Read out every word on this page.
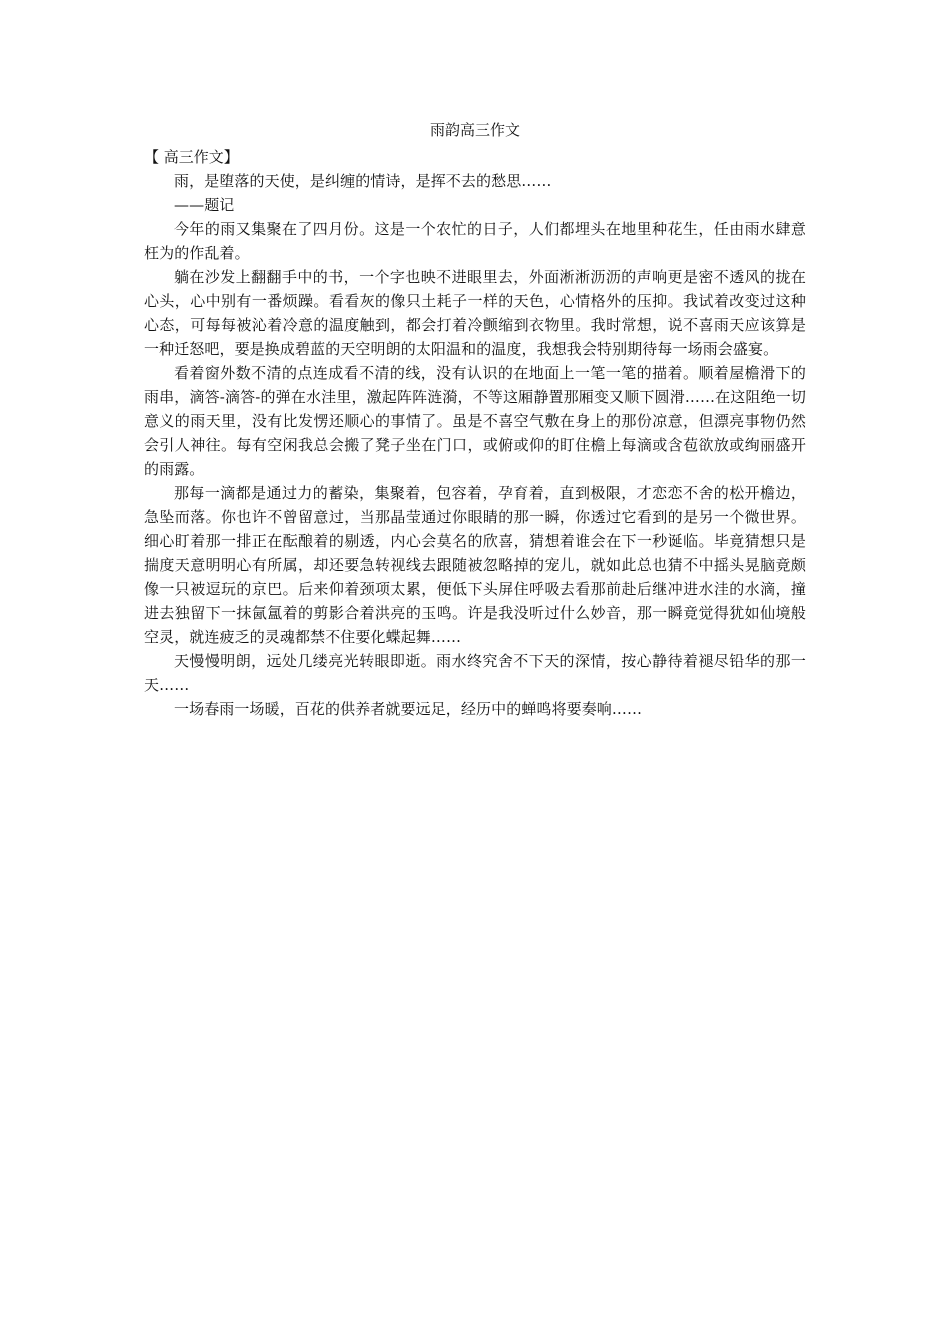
雨韵高三作文

【 高三作文】

雨，是堕落的天使，是纠缠的情诗，是挥不去的愁思……

——题记

今年的雨又集聚在了四月份。这是一个农忙的日子，人们都埋头在地里种花生，任由雨水肆意枉为的作乱着。

躺在沙发上翻翻手中的书，一个字也映不进眼里去，外面淅淅沥沥的声响更是密不透风的拢在心头，心中别有一番烦躁。看看灰的像只土耗子一样的天色，心情格外的压抑。我试着改变过这种心态，可每每被沁着冷意的温度触到，都会打着冷颤缩到衣物里。我时常想，说不喜雨天应该算是一种迁怒吧，要是换成碧蓝的天空明朗的太阳温和的温度，我想我会特别期待每一场雨会盛宴。

看着窗外数不清的点连成看不清的线，没有认识的在地面上一笔一笔的描着。顺着屋檐滑下的雨串，滴答-滴答-的弹在水洼里，激起阵阵涟漪，不等这厢静置那厢变又顺下圆滑……在这阻绝一切意义的雨天里，没有比发愣还顺心的事情了。虽是不喜空气敷在身上的那份凉意，但漂亮事物仍然会引人神往。每有空闲我总会搬了凳子坐在门口，或俯或仰的盯住檐上每滴或含苞欲放或绚丽盛开的雨露。

那每一滴都是通过力的蓄染，集聚着，包容着，孕育着，直到极限，才恋恋不舍的松开檐边，急坠而落。你也许不曾留意过，当那晶莹通过你眼睛的那一瞬，你透过它看到的是另一个微世界。细心盯着那一排正在酝酿着的剔透，内心会莫名的欣喜，猜想着谁会在下一秒诞临。毕竟猜想只是揣度天意明明心有所属，却还要急转视线去跟随被忽略掉的宠儿，就如此总也猜不中摇头晃脑竟颇像一只被逗玩的京巴。后来仰着颈项太累，便低下头屏住呼吸去看那前赴后继冲进水洼的水滴，撞进去独留下一抹氤氲着的剪影合着洪亮的玉鸣。许是我没听过什么妙音，那一瞬竟觉得犹如仙境般空灵，就连疲乏的灵魂都禁不住要化蝶起舞……

天慢慢明朗，远处几缕亮光转眼即逝。雨水终究舍不下天的深情，按心静待着褪尽铅华的那一天……

一场春雨一场暖，百花的供养者就要远足，经历中的蝉鸣将要奏响……
